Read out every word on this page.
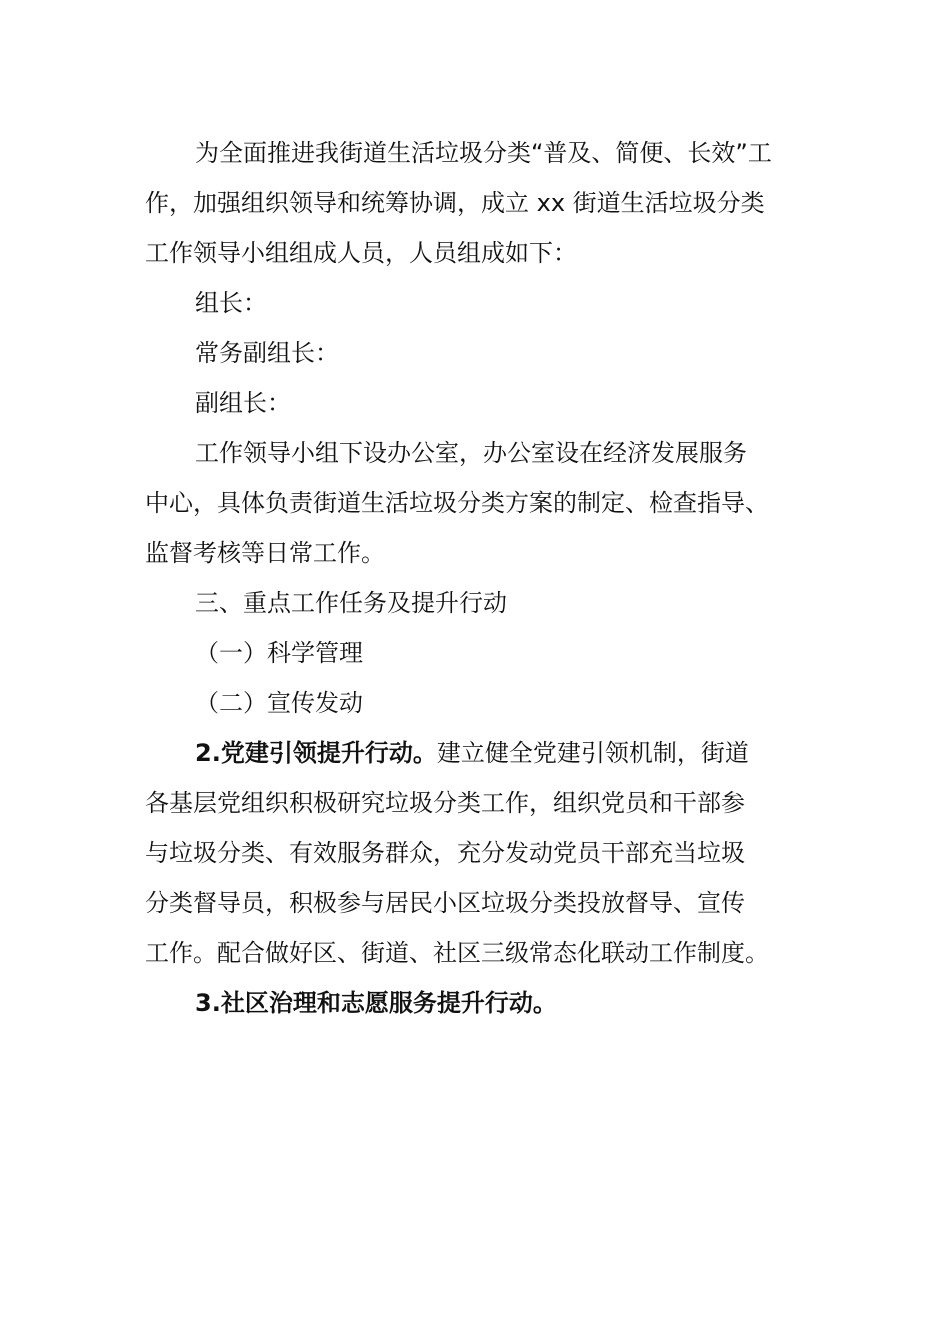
为全面推进我街道生活垃圾分类“普及、简便、长效”工
作，加强组织领导和统筹协调，成立 xx 街道生活垃圾分类
工作领导小组组成人员，人员组成如下：
组长：
常务副组长：
副组长：
工作领导小组下设办公室，办公室设在经济发展服务
中心，具体负责街道生活垃圾分类方案的制定、检查指导、
监督考核等日常工作。
三、重点工作任务及提升行动
（一）科学管理
（二）宣传发动
2.党建引领提升行动。建立健全党建引领机制，街道
各基层党组织积极研究垃圾分类工作，组织党员和干部参
与垃圾分类、有效服务群众，充分发动党员干部充当垃圾
分类督导员，积极参与居民小区垃圾分类投放督导、宣传
工作。配合做好区、街道、社区三级常态化联动工作制度。
3.社区治理和志愿服务提升行动。
